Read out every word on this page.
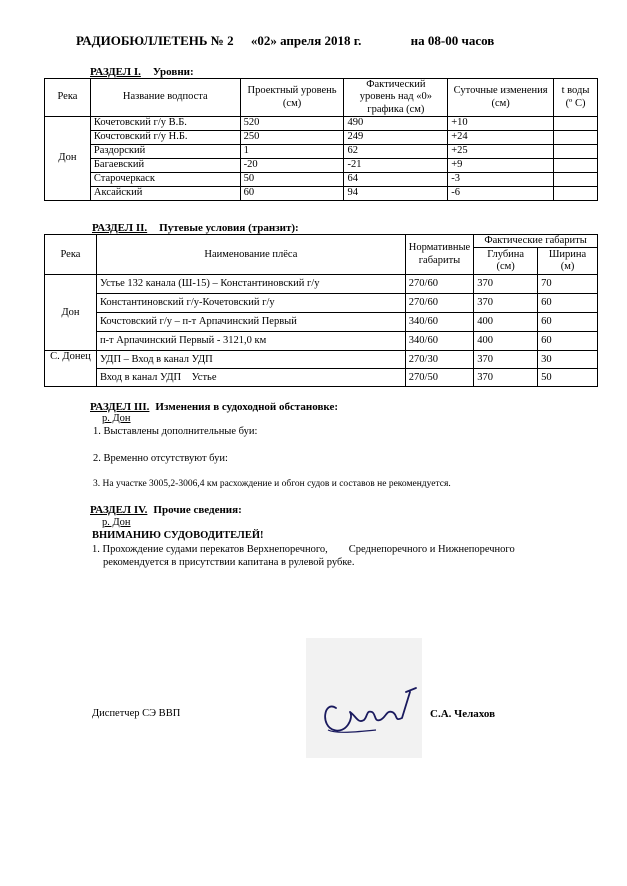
РАДИОБЮЛЛЕТЕНЬ № 2 «02» апреля 2018 г.	на 08-00 часов
РАЗДЕЛ I. Уровни:
Река	Название водпоста	Проектный уровень (см)	Фактический уровень над «0» графика (см)	Суточные изменения (см)	t воды (º С)
Дон	Кочетовский г/у В.Б.	520	490	+10	
	Кочстовский г/у Н.Б.	250	249	+24	
	Раздорский	1	62	+25	
	Багаевский	-20	-21	+9	
	Старочеркаск	50	64	-3	
	Аксайский	60	94	-6	
РАЗДЕЛ II. Путевые условия (транзит):
Река	Наименование плёса	Нормативные габариты	Фактические габариты	
			Глубина (см)	Ширина (м)
Дон	Устье 132 канала (Ш-15) – Константиновский г/у	270/60	370	70
	Константиновский г/у-Кочетовский г/у	270/60	370	60
	Кочстовский г/у – п-т Арпачинский Первый	340/60	400	60
	п-т Арпачинский Первый - 3121,0 км	340/60	400	60
С. Донец	УДП – Вход в канал УДП	270/30	370	30
	Вход в канал УДП    Устье	270/50	370	50
РАЗДЕЛ III. Изменения в судоходной обстановке:
р. Дон
1. Выставлены дополнительные буи:
2. Временно отсутствуют буи:
3. На участке 3005,2-3006,4 км расхождение и обгон судов и составов не рекомендуется.
РАЗДЕЛ IV. Прочие сведения:
р. Дон
ВНИМАНИЮ СУДОВОДИТЕЛЕЙ!
1. Прохождение судами перекатов Верхнепоречного,        Среднепоречного и Нижнепоречного
рекомендуется в присутствии капитана в рулевой рубке.
Диспетчер СЭ ВВП	С.А. Челахов
